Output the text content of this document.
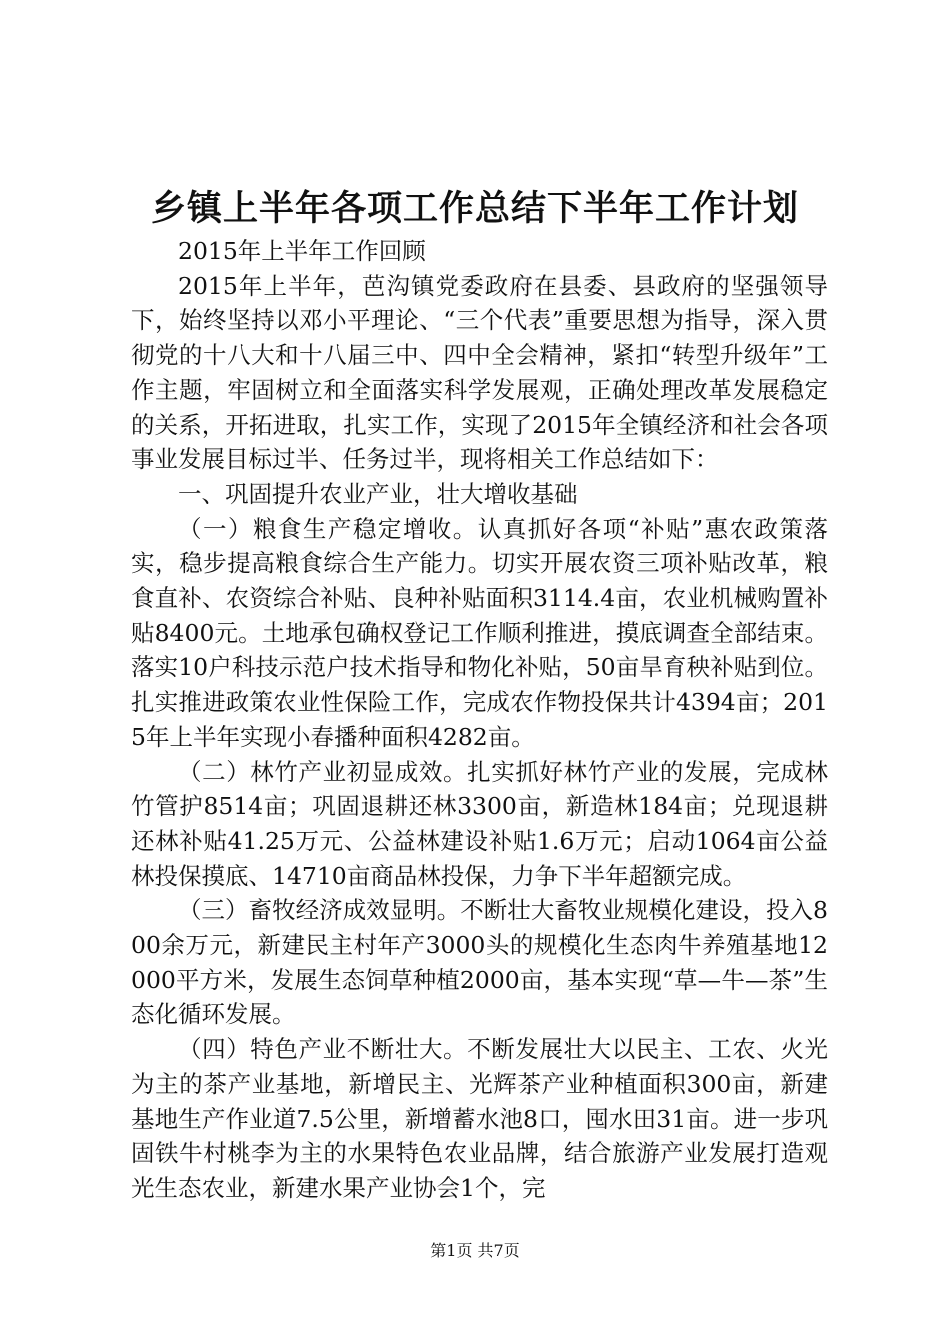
乡镇上半年各项工作总结下半年工作计划

2015年上半年工作回顾

2015年上半年，芭沟镇党委政府在县委、县政府的坚强领导下，始终坚持以邓小平理论、“三个代表”重要思想为指导，深入贯彻党的十八大和十八届三中、四中全会精神，紧扣“转型升级年”工作主题，牢固树立和全面落实科学发展观，正确处理改革发展稳定的关系，开拓进取，扎实工作，实现了2015年全镇经济和社会各项事业发展目标过半、任务过半，现将相关工作总结如下：

一、巩固提升农业产业，壮大增收基础

（一）粮食生产稳定增收。认真抓好各项“补贴”惠农政策落实，稳步提高粮食综合生产能力。切实开展农资三项补贴改革，粮食直补、农资综合补贴、良种补贴面积3114.4亩，农业机械购置补贴8400元。土地承包确权登记工作顺利推进，摸底调查全部结束。落实10户科技示范户技术指导和物化补贴，50亩旱育秧补贴到位。扎实推进政策农业性保险工作，完成农作物投保共计4394亩；2015年上半年实现小春播种面积4282亩。

（二）林竹产业初显成效。扎实抓好林竹产业的发展，完成林竹管护8514亩；巩固退耕还林3300亩，新造林184亩；兑现退耕还林补贴41.25万元、公益林建设补贴1.6万元；启动1064亩公益林投保摸底、14710亩商品林投保，力争下半年超额完成。

（三）畜牧经济成效显明。不断壮大畜牧业规模化建设，投入800余万元，新建民主村年产3000头的规模化生态肉牛养殖基地12000平方米，发展生态饲草种植2000亩，基本实现“草—牛—茶”生态化循环发展。

（四）特色产业不断壮大。不断发展壮大以民主、工农、火光为主的茶产业基地，新增民主、光辉茶产业种植面积300亩，新建基地生产作业道7.5公里，新增蓄水池8口，囤水田31亩。进一步巩固铁牛村桃李为主的水果特色农业品牌，结合旅游产业发展打造观光生态农业，新建水果产业协会1个，完

第1页 共7页
